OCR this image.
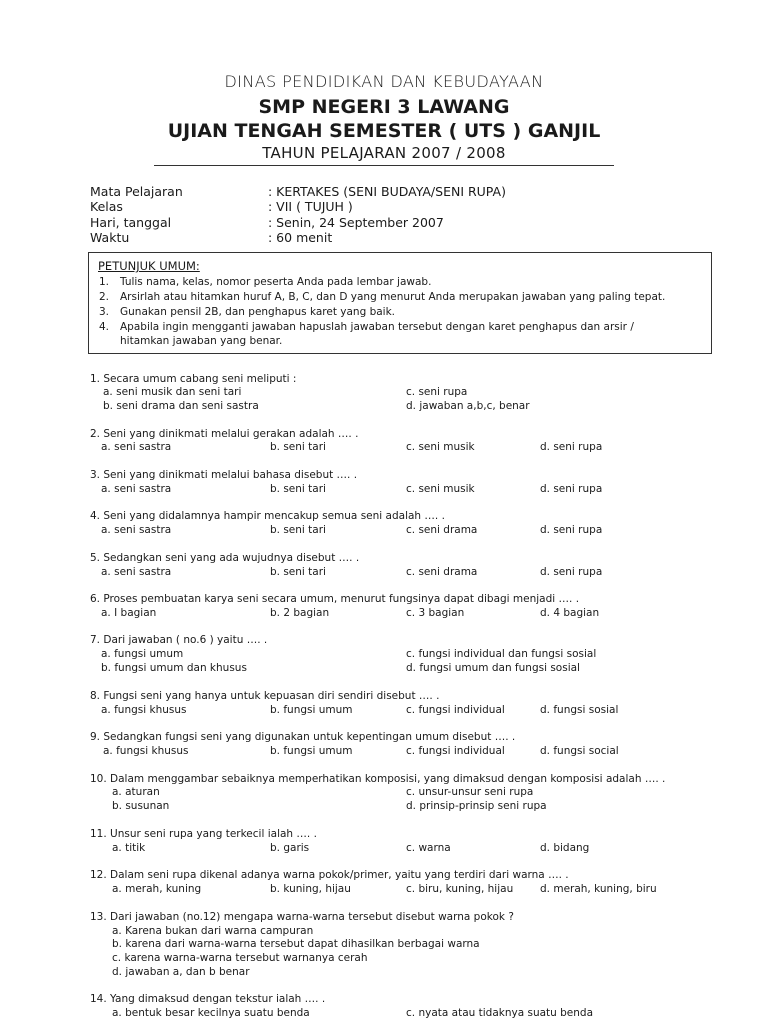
DINAS PENDIDIKAN DAN KEBUDAYAAN
SMP NEGERI 3 LAWANG
UJIAN TENGAH SEMESTER ( UTS ) GANJIL
TAHUN PELAJARAN 2007 / 2008
Mata Pelajaran	: KERTAKES (SENI BUDAYA/SENI RUPA)
Kelas	: VII ( TUJUH )
Hari, tanggal	: Senin, 24 September 2007
Waktu	: 60 menit
PETUNJUK UMUM:
1. Tulis nama, kelas, nomor peserta Anda pada lembar jawab.
2. Arsirlah atau hitamkan huruf A, B, C, dan D yang menurut Anda merupakan jawaban yang paling tepat.
3. Gunakan pensil 2B, dan penghapus karet yang baik.
4. Apabila ingin mengganti jawaban hapuslah jawaban tersebut dengan karet penghapus dan arsir /
hitamkan jawaban yang benar.
1. Secara umum cabang seni meliputi :
a. seni musik dan seni tari	c. seni rupa
b. seni drama dan seni sastra	d. jawaban a,b,c, benar
2. Seni yang dinikmati melalui gerakan adalah …. .
a. seni sastra	b. seni tari	c. seni musik	d. seni rupa
3. Seni yang dinikmati melalui bahasa disebut …. .
a. seni sastra	b. seni tari	c. seni musik	d. seni rupa
4. Seni yang didalamnya hampir mencakup semua seni adalah …. .
a. seni sastra	b. seni tari	c. seni drama	d. seni rupa
5. Sedangkan seni yang ada wujudnya disebut …. .
a. seni sastra	b. seni tari	c. seni drama	d. seni rupa
6. Proses pembuatan karya seni secara umum, menurut fungsinya dapat dibagi menjadi …. .
a. I bagian	b. 2 bagian	c. 3 bagian	d. 4 bagian
7. Dari jawaban ( no.6 ) yaitu …. .
a. fungsi umum	c. fungsi individual dan fungsi sosial
b. fungsi umum dan khusus	d. fungsi umum dan fungsi sosial
8. Fungsi seni yang hanya untuk kepuasan diri sendiri disebut …. .
a. fungsi khusus	b. fungsi umum	c. fungsi individual	d. fungsi sosial
9. Sedangkan fungsi seni yang digunakan untuk kepentingan umum disebut …. .
a. fungsi khusus	b. fungsi umum	c. fungsi individual	d. fungsi social
10. Dalam menggambar sebaiknya memperhatikan komposisi, yang dimaksud dengan komposisi adalah …. .
a. aturan	c. unsur-unsur seni rupa
b. susunan	d. prinsip-prinsip seni rupa
11. Unsur seni rupa yang terkecil ialah …. .
a. titik	b. garis	c. warna	d. bidang
12. Dalam seni rupa dikenal adanya warna pokok/primer, yaitu yang terdiri dari warna …. .
a. merah, kuning	b. kuning, hijau	c. biru, kuning, hijau	d. merah, kuning, biru
13. Dari jawaban (no.12) mengapa warna-warna tersebut disebut warna pokok ?
a. Karena bukan dari warna campuran
b. karena dari warna-warna tersebut dapat dihasilkan berbagai warna
c. karena warna-warna tersebut warnanya cerah
d. jawaban a, dan b benar
14. Yang dimaksud dengan tekstur ialah …. .
a. bentuk besar kecilnya suatu benda	c. nyata atau tidaknya suatu benda
